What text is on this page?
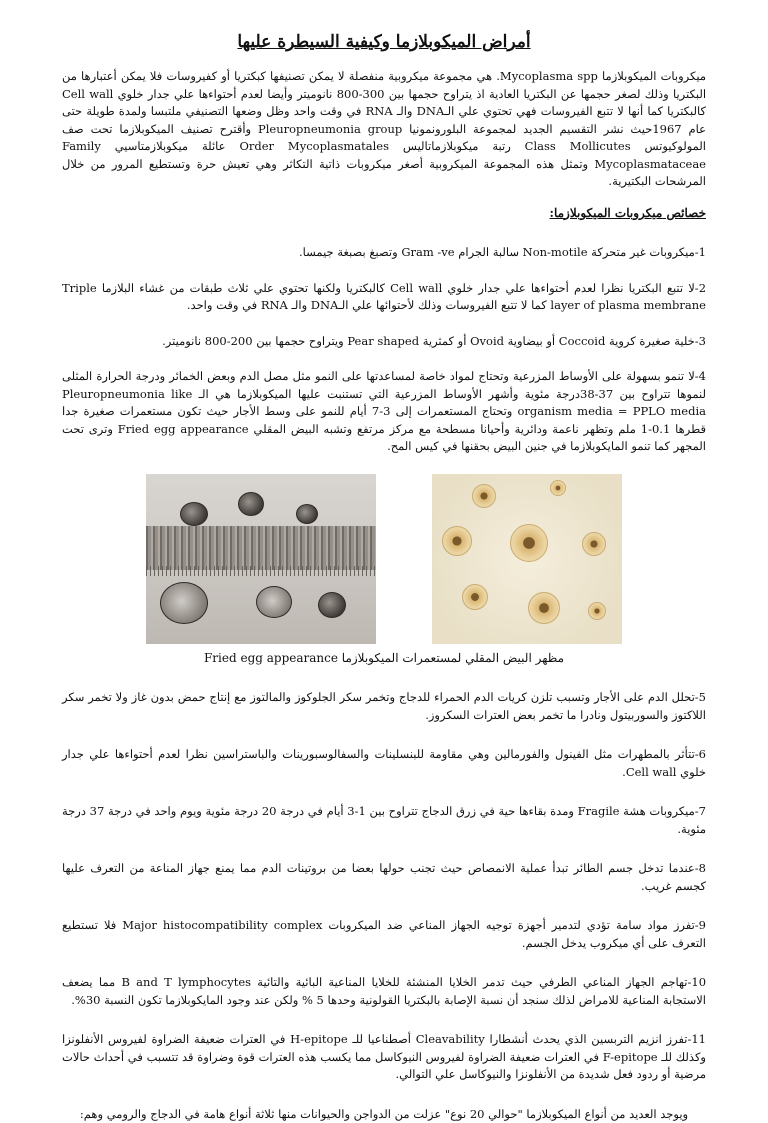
أمراض الميكوبلازما وكيفية السيطرة عليها

ميكروبات الميكوبلازما Mycoplasma spp. هي مجموعة ميكروبية منفصلة لا يمكن تصنيفها كبكتريا أو كفيروسات فلا يمكن أعتبارها من البكتريا وذلك لصغر حجمها عن البكتريا العادية اذ يتراوح حجمها بين 300-800 نانوميتر وأيضا لعدم أحتواءها علي جدار خلوي Cell wall كالبكتريا كما أنها لا تتبع الفيروسات فهي تحتوي علي الـDNA والـ RNA في وقت واحد وظل وضعها التصنيفي ملتبسا ولمدة طويلة حتى عام 1967حيث نشر التقسيم الجديد لمجموعة البلورونمونيا Pleuropneumonia group وأقترح تصنيف الميكوبلازما تحت صف المولوكيوتس Class Mollicutes رتبة ميكوبلازماتاليس Order Mycoplasmatales عائلة ميكوبلازمتاسيي Family Mycoplasmataceae وتمثل هذه المجموعة الميكروبية أصغر ميكروبات ذاتية التكاثر وهي تعيش حرة وتستطيع المرور من خلال المرشحات البكتيرية.

خصائص ميكروبات الميكوبلازما:

1-ميكروبات غير متحركة Non-motile سالبة الجرام Gram -ve وتصبغ بصبغة جيمسا.

2-لا تتبع البكتريا نظرا لعدم أحتواءها علي جدار خلوي Cell wall كالبكتريا ولكنها تحتوي علي ثلاث طبقات من غشاء البلازما Triple layer of plasma membrane كما لا تتبع الفيروسات وذلك لأحتوائها علي الـDNA والـ RNA في وقت واحد.

3-خلية صغيرة كروية Coccoid أو بيضاوية Ovoid أو كمثرية Pear shaped ويتراوح حجمها بين 200-800 نانوميتر.

4-لا تنمو بسهولة على الأوساط المزرعية وتحتاج لمواد خاصة لمساعدتها على النمو مثل مصل الدم وبعض الخمائر ودرجة الحرارة المثلى لنموها تتراوح بين 37-38درجة مئوية وأشهر الأوساط المزرعية التي تستنبت عليها الميكوبلازما هي الـ Pleuropneumonia like organism media = PPLO media وتحتاج المستعمرات إلى 3-7 أيام للنمو على وسط الأجار حيث تكون مستعمرات صغيرة جدا قطرها 0.1-1 ملم وتظهر ناعمة ودائرية وأحيانا مسطحة مع مركز مرتفع وتشبه البيض المقلي Fried egg appearance وترى تحت المجهر كما تنمو المايكوبلازما في جنين البيض بحقنها في كيس المح.

مظهر البيض المقلي لمستعمرات الميكوبلازما Fried egg appearance

5-تحلل الدم على الأجار وتسبب تلزن كريات الدم الحمراء للدجاج وتخمر سكر الجلوكوز والمالتوز مع إنتاج حمض بدون غاز ولا تخمر سكر اللاكتوز والسوربيتول ونادرا ما تخمر بعض العترات السكروز.

6-تتأثر بالمطهرات مثل الفينول والفورمالين وهي مقاومة للبنسلينات والسفالوسبورينات والباستراسين نظرا لعدم أحتواءها علي جدار خلوي Cell wall.

7-ميكروبات هشة Fragile ومدة بقاءها حية في زرق الدجاج تتراوح بين 1-3 أيام في درجة 20 درجة مئوية ويوم واحد في درجة 37 درجة مئوية.

8-عندما تدخل جسم الطائر تبدأ عملية الانمصاص حيث تجنب حولها بعضا من بروتينات الدم مما يمنع جهاز المناعة من التعرف عليها كجسم غريب.

9-تفرز مواد سامة تؤدي لتدمير أجهزة توجيه الجهاز المناعي ضد الميكروبات Major histocompatibility complex فلا تستطيع التعرف على أي ميكروب يدخل الجسم.

10-تهاجم الجهاز المناعي الطرفي حيث تدمر الخلايا المنشئة للخلايا المناعية البائية والتائية B and T lymphocytes مما يضعف الاستجابة المناعية للامراض لذلك سنجد أن نسبة الإصابة بالبكتريا القولونية وحدها 5 % ولكن عند وجود المايكوبلازما تكون النسبة 30%.

11-تفرز انزيم التربسين الذي يحدث أنشطارا Cleavability أصطناعيا للـ H-epitope في العترات ضعيفة الضراوة لفيروس الأنفلونزا وكذلك للـ F-epitope في العترات ضعيفة الضراوة لفيروس النيوكاسل مما يكسب هذه العترات قوة وضراوة قد تتسبب في أحداث حالات مرضية أو ردود فعل شديدة من الأنفلونزا والنيوكاسل علي التوالي.

ويوجد العديد من أنواع الميكوبلازما "حوالي 20 نوع" عزلت من الدواجن والحيوانات منها ثلاثة أنواع هامة في الدجاج والرومي وهم:
